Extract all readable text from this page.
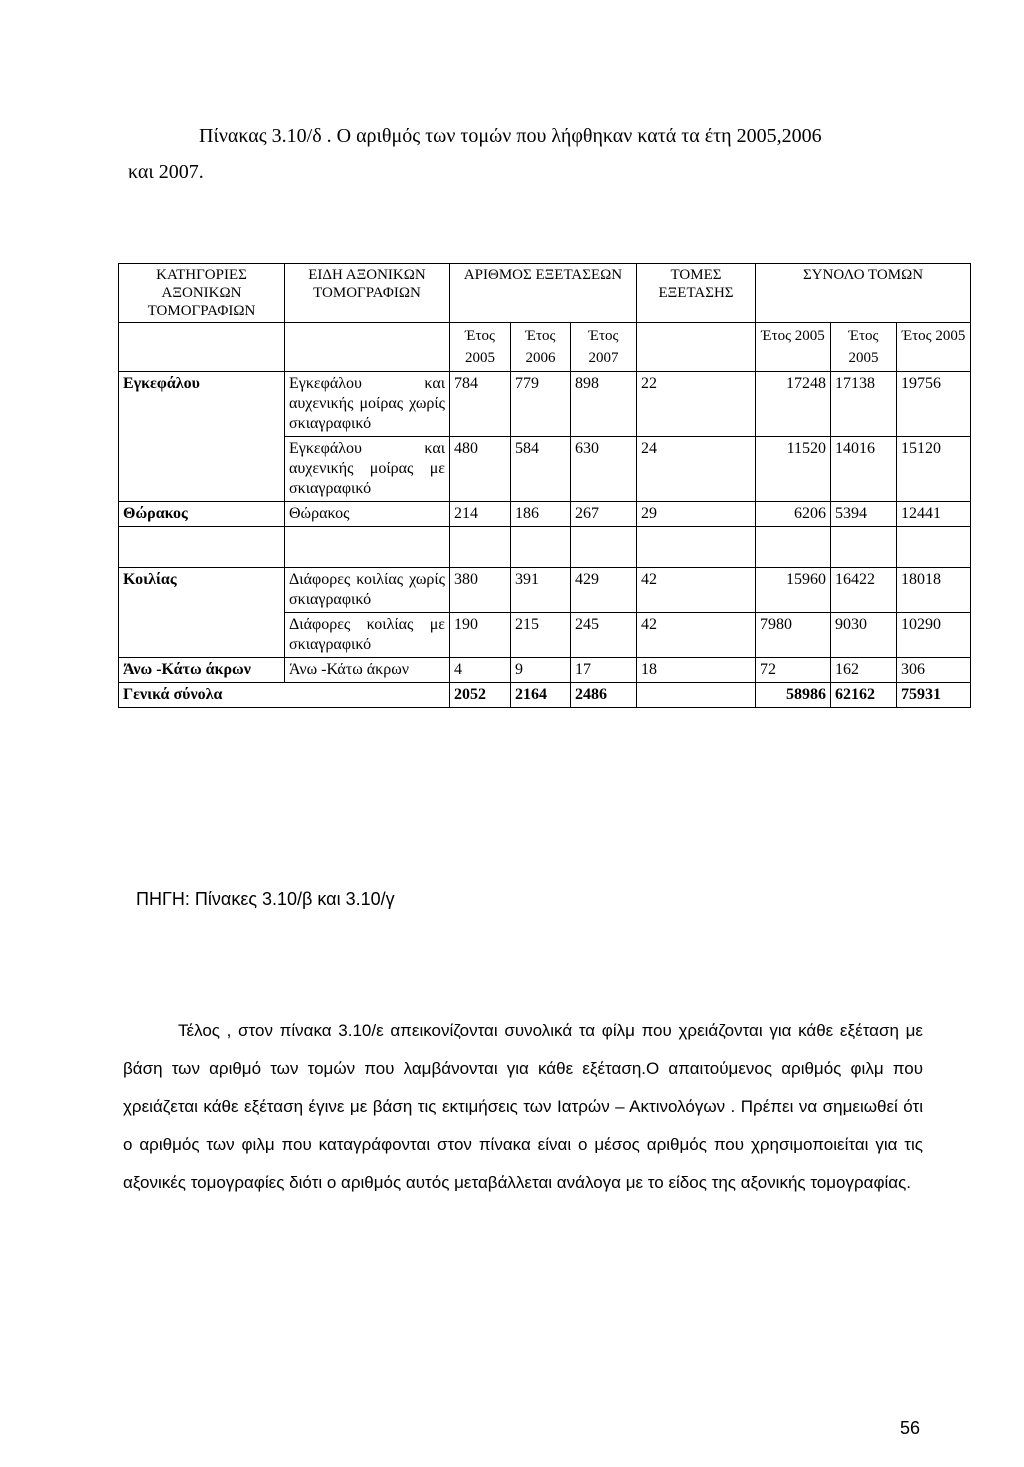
Πίνακας 3.10/δ . Ο αριθμός των τομών που λήφθηκαν κατά τα έτη 2005,2006
και 2007.
ΚΑΤΗΓΟΡΙΕΣ ΑΞΟΝΙΚΩΝ ΤΟΜΟΓΡΑΦΙΩΝ	ΕΙΔΗ ΑΞΟΝΙΚΩΝ ΤΟΜΟΓΡΑΦΙΩΝ	ΑΡΙΘΜΟΣ ΕΞΕΤΑΣΕΩΝ			ΤΟΜΕΣ ΕΞΕΤΑΣΗΣ	ΣΥΝΟΛΟ ΤΟΜΩΝ		
		Έτος 2005	Έτος 2006	Έτος 2007		Έτος 2005	Έτος 2005	Έτος 2005
Εγκεφάλου	Εγκεφάλου και αυχενικής μοίρας χωρίς σκιαγραφικό	784	779	898	22	17248	17138	19756
	Εγκεφάλου και αυχενικής μοίρας με σκιαγραφικό	480	584	630	24	11520	14016	15120
Θώρακος	Θώρακος	214	186	267	29	6206	5394	12441

Κοιλίας	Διάφορες κοιλίας χωρίς σκιαγραφικό	380	391	429	42	15960	16422	18018
	Διάφορες κοιλίας με σκιαγραφικό	190	215	245	42	7980	9030	10290
Άνω -Κάτω άκρων	Άνω -Κάτω άκρων	4	9	17	18	72	162	306
Γενικά σύνολα		2052	2164	2486		58986	62162	75931
ΠΗΓΗ: Πίνακες 3.10/β και 3.10/γ
Τέλος , στον πίνακα 3.10/ε απεικονίζονται συνολικά τα φίλμ που χρειάζονται για κάθε εξέταση με βάση των αριθμό των τομών που λαμβάνονται για κάθε εξέταση.Ο απαιτούμενος αριθμός φιλμ που χρειάζεται κάθε εξέταση έγινε με βάση τις εκτιμήσεις των Ιατρών – Ακτινολόγων . Πρέπει να σημειωθεί ότι ο αριθμός των φιλμ που καταγράφονται στον πίνακα είναι ο μέσος αριθμός που χρησιμοποιείται για τις αξονικές τομογραφίες διότι ο αριθμός αυτός μεταβάλλεται ανάλογα με το είδος της αξονικής τομογραφίας.
56
